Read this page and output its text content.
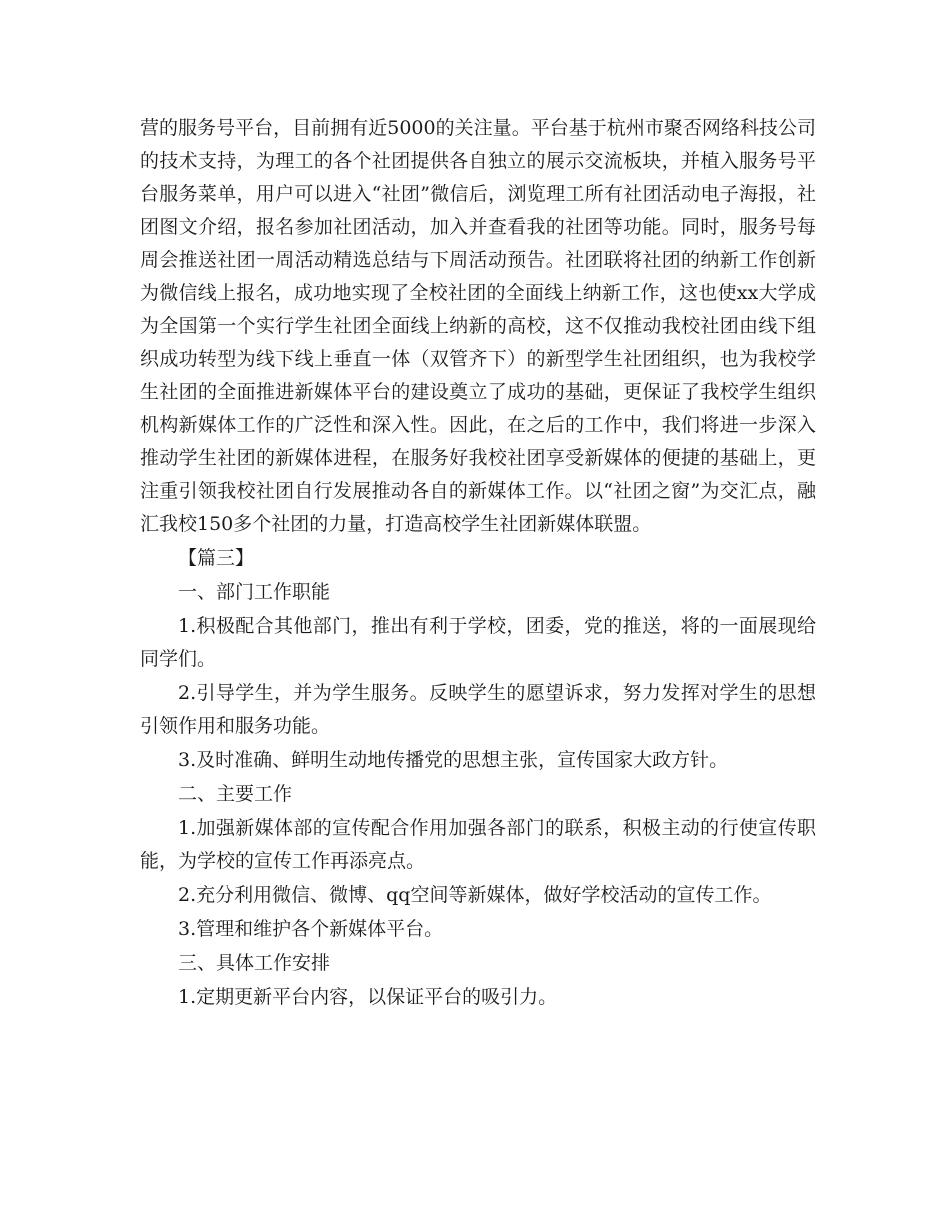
营的服务号平台，目前拥有近5000的关注量。平台基于杭州市聚否网络科技公司的技术支持，为理工的各个社团提供各自独立的展示交流板块，并植入服务号平台服务菜单，用户可以进入“社团”微信后，浏览理工所有社团活动电子海报，社团图文介绍，报名参加社团活动，加入并查看我的社团等功能。同时，服务号每周会推送社团一周活动精选总结与下周活动预告。社团联将社团的纳新工作创新为微信线上报名，成功地实现了全校社团的全面线上纳新工作，这也使xx大学成为全国第一个实行学生社团全面线上纳新的高校，这不仅推动我校社团由线下组织成功转型为线下线上垂直一体（双管齐下）的新型学生社团组织，也为我校学生社团的全面推进新媒体平台的建设奠立了成功的基础，更保证了我校学生组织机构新媒体工作的广泛性和深入性。因此，在之后的工作中，我们将进一步深入推动学生社团的新媒体进程，在服务好我校社团享受新媒体的便捷的基础上，更注重引领我校社团自行发展推动各自的新媒体工作。以“社团之窗”为交汇点，融汇我校150多个社团的力量，打造高校学生社团新媒体联盟。

【篇三】

一、部门工作职能

1.积极配合其他部门，推出有利于学校，团委，党的推送，将的一面展现给同学们。

2.引导学生，并为学生服务。反映学生的愿望诉求，努力发挥对学生的思想引领作用和服务功能。

3.及时准确、鲜明生动地传播党的思想主张，宣传国家大政方针。

二、主要工作

1.加强新媒体部的宣传配合作用加强各部门的联系，积极主动的行使宣传职能，为学校的宣传工作再添亮点。

2.充分利用微信、微博、qq空间等新媒体，做好学校活动的宣传工作。

3.管理和维护各个新媒体平台。

三、具体工作安排

1.定期更新平台内容，以保证平台的吸引力。
